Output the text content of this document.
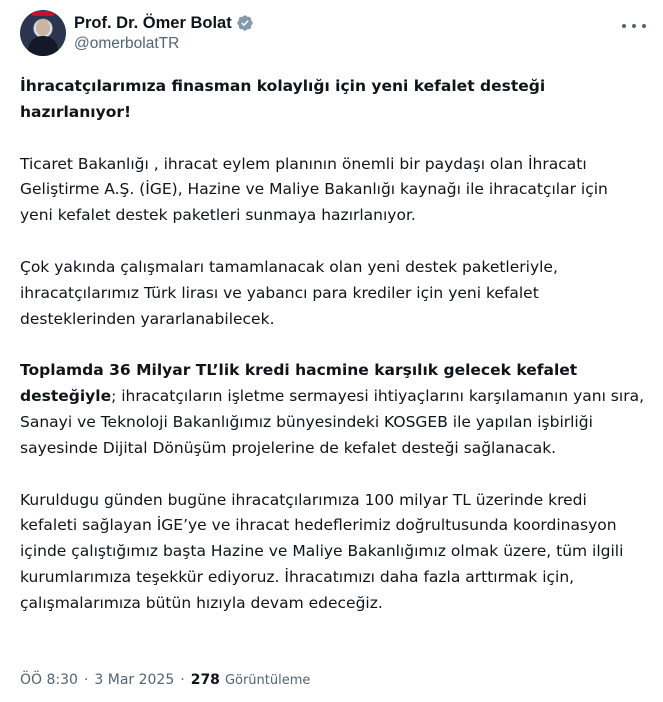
Prof. Dr. Ömer Bolat
@omerbolatTR

İhracatçılarımıza finasman kolaylığı için yeni kefalet desteği hazırlanıyor!

Ticaret Bakanlığı , ihracat eylem planının önemli bir paydaşı olan İhracatı Geliştirme A.Ş. (İGE), Hazine ve Maliye Bakanlığı kaynağı ile ihracatçılar için yeni kefalet destek paketleri sunmaya hazırlanıyor.

Çok yakında çalışmaları tamamlanacak olan yeni destek paketleriyle, ihracatçılarımız Türk lirası ve yabancı para krediler için yeni kefalet desteklerinden yararlanabilecek.

Toplamda 36 Milyar TL’lik kredi hacmine karşılık gelecek kefalet desteğiyle; ihracatçıların işletme sermayesi ihtiyaçlarını karşılamanın yanı sıra, Sanayi ve Teknoloji Bakanlığımız bünyesindeki KOSGEB ile yapılan işbirliği sayesinde Dijital Dönüşüm projelerine de kefalet desteği sağlanacak.

Kuruldugu günden bugüne ihracatçılarımıza 100 milyar TL üzerinde kredi kefaleti sağlayan İGE’ye ve ihracat hedeflerimiz doğrultusunda koordinasyon içinde çalıştığımız başta Hazine ve Maliye Bakanlığımız olmak üzere, tüm ilgili kurumlarımıza teşekkür ediyoruz. İhracatımızı daha fazla arttırmak için, çalışmalarımıza bütün hızıyla devam edeceğiz.

ÖÖ 8:30 · 3 Mar 2025 · 278 Görüntüleme
